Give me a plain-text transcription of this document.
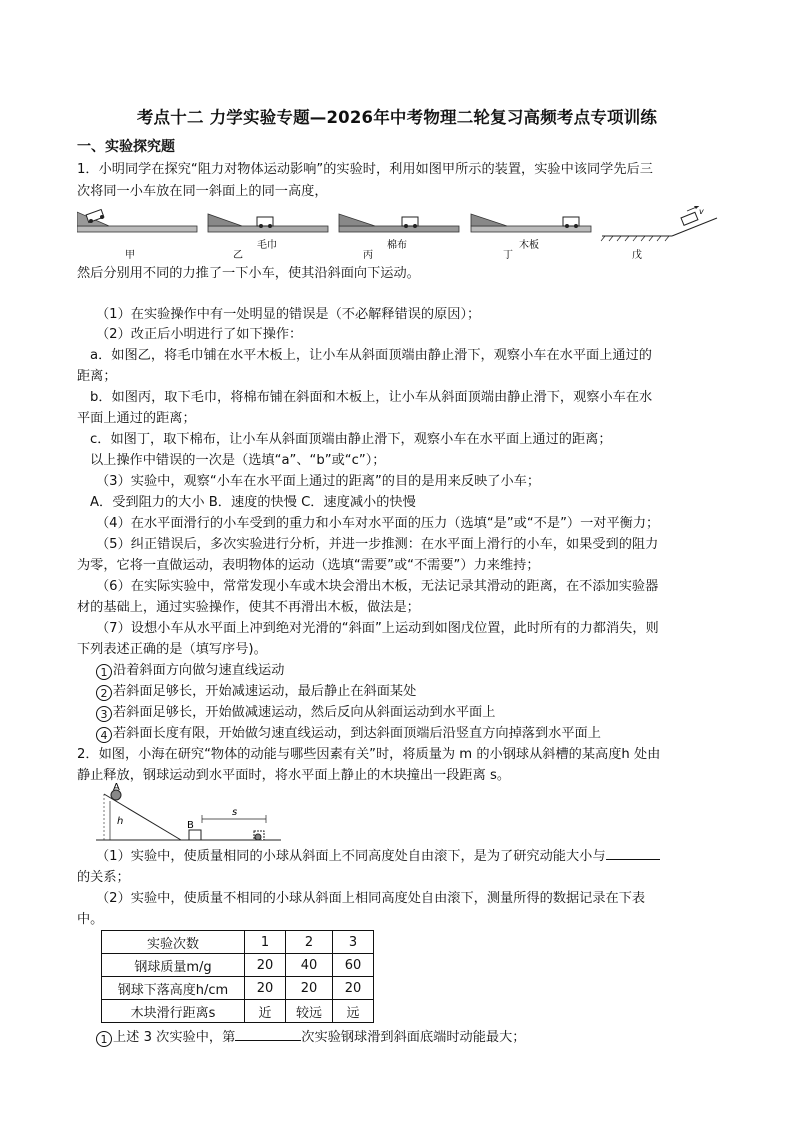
考点十二 力学实验专题—2026年中考物理二轮复习高频考点专项训练
一、实验探究题
1．小明同学在探究“阻力对物体运动影响”的实验时，利用如图甲所示的装置，实验中该同学先后三
次将同一小车放在同一斜面上的同一高度，
甲	乙
毛巾
丙
棉布
丁
木板
戊
v
然后分别用不同的力推了一下小车，使其沿斜面向下运动。
（1）在实验操作中有一处明显的错误是（不必解释错误的原因）；
（2）改正后小明进行了如下操作：
a．如图乙，将毛巾铺在水平木板上，让小车从斜面顶端由静止滑下，观察小车在水平面上通过的
距离；
b．如图丙，取下毛巾，将棉布铺在斜面和木板上，让小车从斜面顶端由静止滑下，观察小车在水
平面上通过的距离；
c．如图丁，取下棉布，让小车从斜面顶端由静止滑下，观察小车在水平面上通过的距离；
以上操作中错误的一次是（选填“a”、“b”或“c”）；
（3）实验中，观察“小车在水平面上通过的距离”的目的是用来反映了小车；
A．受到阻力的大小 B．速度的快慢 C．速度减小的快慢
（4）在水平面滑行的小车受到的重力和小车对水平面的压力（选填“是”或“不是”）一对平衡力；
（5）纠正错误后，多次实验进行分析，并进一步推测：在水平面上滑行的小车，如果受到的阻力
为零，它将一直做运动，表明物体的运动（选填“需要”或“不需要”）力来维持；
（6）在实际实验中，常常发现小车或木块会滑出木板，无法记录其滑动的距离，在不添加实验器
材的基础上，通过实验操作，使其不再滑出木板，做法是；
（7）设想小车从水平面上冲到绝对光滑的“斜面”上运动到如图戊位置，此时所有的力都消失，则
下列表述正确的是（填写序号)。
1 沿着斜面方向做匀速直线运动
2 若斜面足够长，开始减速运动，最后静止在斜面某处
3 若斜面足够长，开始做减速运动，然后反向从斜面运动到水平面上
4 若斜面长度有限，开始做匀速直线运动，到达斜面顶端后沿竖直方向掉落到水平面上
2．如图，小海在研究“物体的动能与哪些因素有关”时，将质量为 m 的小钢球从斜槽的某高度h 处由
静止释放，钢球运动到水平面时，将水平面上静止的木块撞出一段距离 s。
A
h	B
s
（1）实验中，使质量相同的小球从斜面上不同高度处自由滚下，是为了研究动能大小与
的关系；
（2）实验中，使质量不相同的小球从斜面上相同高度处自由滚下，测量所得的数据记录在下表
中。
实验次数	1	2	3
钢球质量m/g	20	40	60
钢球下落高度h/cm	20	20	20
木块滑行距离s	近	较远	远
1 上述 3 次实验中，第	次实验钢球滑到斜面底端时动能最大；
